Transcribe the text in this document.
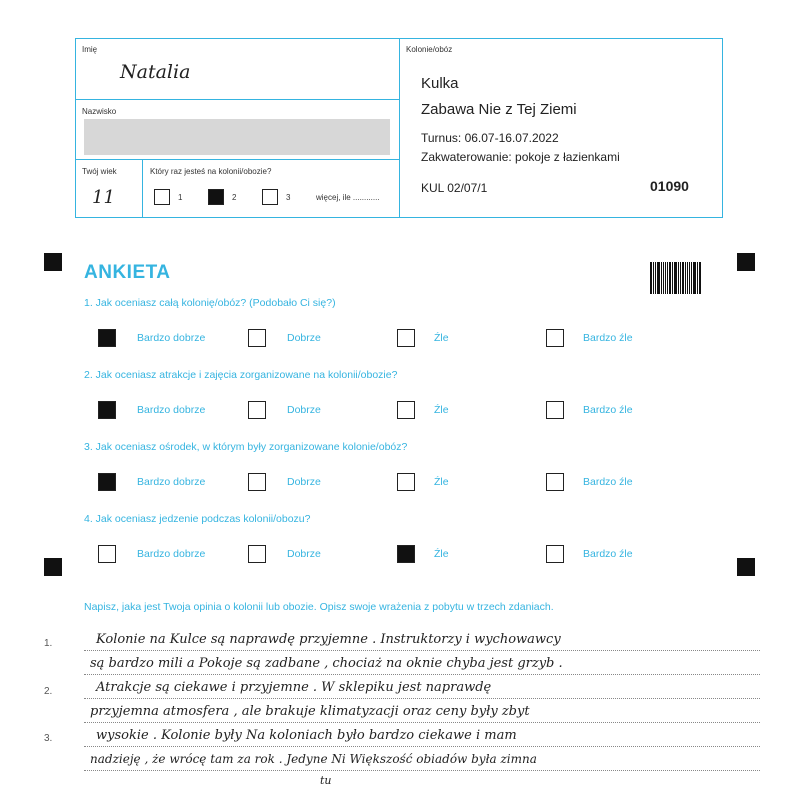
Imię
Natalia
Nazwisko
Twój wiek
11
Który raz jesteś na kolonii/obozie?
1	2	3	więcej, ile ............
Kolonie/obóz
Kulka
Zabawa Nie z Tej Ziemi
Turnus: 06.07-16.07.2022
Zakwaterowanie: pokoje z łazienkami
KUL 02/07/1	01090
ANKIETA
1. Jak oceniasz całą kolonię/obóz? (Podobało Ci się?)
Bardzo dobrze	Dobrze	Źle	Bardzo źle
2. Jak oceniasz atrakcje i zajęcia zorganizowane na kolonii/obozie?
Bardzo dobrze	Dobrze	Źle	Bardzo źle
3. Jak oceniasz ośrodek, w którym były zorganizowane kolonie/obóz?
Bardzo dobrze	Dobrze	Źle	Bardzo źle
4. Jak oceniasz jedzenie podczas kolonii/obozu?
Bardzo dobrze	Dobrze	Źle	Bardzo źle
Napisz, jaka jest Twoja opinia o kolonii lub obozie. Opisz swoje wrażenia z pobytu w trzech zdaniach.
1.
2.
3.
Kolonie na Kulce są naprawdę przyjemne . Instruktorzy i wychowawcy
są bardzo mili a Pokoje są zadbane , chociaż na oknie chyba jest grzyb .
Atrakcje są ciekawe i przyjemne . W sklepiku jest naprawdę
przyjemna atmosfera , ale brakuje klimatyzacji oraz ceny były zbyt
wysokie . Kolonie były Na koloniach było bardzo ciekawe i mam
nadzieję , że wrócę tam za rok . Jedyne Ni Większość obiadów była zimna
tu
